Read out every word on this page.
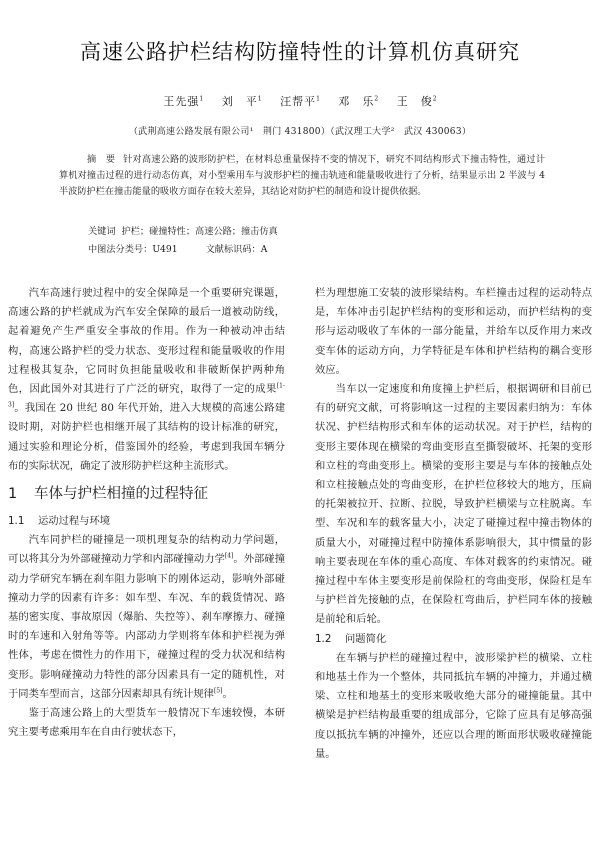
高速公路护栏结构防撞特性的计算机仿真研究
王先强$^1$ 刘　平$^1$ 汪帮平$^1$ 邓　乐$^2$ 王　俊$^2$
（武荆高速公路发展有限公司¹　荆门 431800）（武汉理工大学²　武汉 430063）
摘　要 针对高速公路的波形防护栏，在材料总重量保持不变的情况下，研究不同结构形式下撞击特性，通过计算机对撞击过程的进行动态仿真，对小型乘用车与波形护栏的撞击轨迹和能量吸收进行了分析，结果显示出 2 半波与 4 半波防护栏在撞击能量的吸收方面存在较大差异，其结论对防护栏的制造和设计提供依据。
关键词 护栏；碰撞特性；高速公路；撞击仿真
中图法分类号：U491	文献标识码：A

汽车高速行驶过程中的安全保障是一个重要研究课题，高速公路的护栏就成为汽车安全保障的最后一道被动防线，起着避免产生严重安全事故的作用。作为一种被动冲击结构，高速公路护栏的受力状态、变形过程和能量吸收的作用过程极其复杂，它同时负担能量吸收和非破断保护两种角色，因此国外对其进行了广泛的研究，取得了一定的成果[1-3]。我国在 20 世纪 80 年代开始，进入大规模的高速公路建设时期，对防护栏也相继开展了其结构的设计标准的研究，通过实验和理论分析，借鉴国外的经验，考虑到我国车辆分布的实际状况，确定了波形防护栏这种主流形式。

1 车体与护栏相撞的过程特征
1.1 运动过程与环境

汽车同护栏的碰撞是一项机理复杂的结构动力学问题，可以将其分为外部碰撞动力学和内部碰撞动力学[4]。外部碰撞动力学研究车辆在刹车阻力影响下的刚体运动，影响外部碰撞动力学的因素有许多：如车型、车况、车的载货情况、路基的密实度、事故原因（爆胎、失控等）、刹车摩擦力、碰撞时的车速和入射角等等。内部动力学则将车体和护栏视为弹性体，考虑在惯性力的作用下，碰撞过程的受力状况和结构变形。影响碰撞动力特性的部分因素具有一定的随机性，对于同类车型而言，这部分因素却具有统计规律[5]。

鉴于高速公路上的大型货车一般情况下车速较慢，本研究主要考虑乘用车在自由行驶状态下，

栏为理想施工安装的波形梁结构。车栏撞击过程的运动特点是，车体冲击引起护栏结构的变形和运动，而护栏结构的变形与运动吸收了车体的一部分能量，并给车以反作用力来改变车体的运动方向，力学特征是车体和护栏结构的耦合变形效应。

当车以一定速度和角度撞上护栏后，根据调研和目前已有的研究文献，可将影响这一过程的主要因素归纳为：车体状况、护栏结构形式和车体的运动状况。对于护栏，结构的变形主要体现在横梁的弯曲变形直至撕裂破坏、托架的变形和立柱的弯曲变形上。横梁的变形主要是与车体的接触点处和立柱接触点处的弯曲变形，在护栏位移较大的地方，压扁的托架被拉开、拉断、拉脱，导致护栏横梁与立柱脱离。车型、车况和车的载客量大小，决定了碰撞过程中撞击物体的质量大小，对碰撞过程中防撞体系影响很大，其中惯量的影响主要表现在车体的重心高度、车体对载客的约束情况。碰撞过程中车体主要变形是前保险杠的弯曲变形，保险杠是车与护栏首先接触的点，在保险杠弯曲后，护栏同车体的接触是前轮和后轮。

1.2 问题简化

在车辆与护栏的碰撞过程中，波形梁护栏的横梁、立柱和地基土作为一个整体，共同抵抗车辆的冲撞力，并通过横梁、立柱和地基土的变形来吸收绝大部分的碰撞能量。其中横梁是护栏结构最重要的组成部分，它除了应具有足够高强度以抵抗车辆的冲撞外，还应以合理的断面形状吸收碰撞能量。
